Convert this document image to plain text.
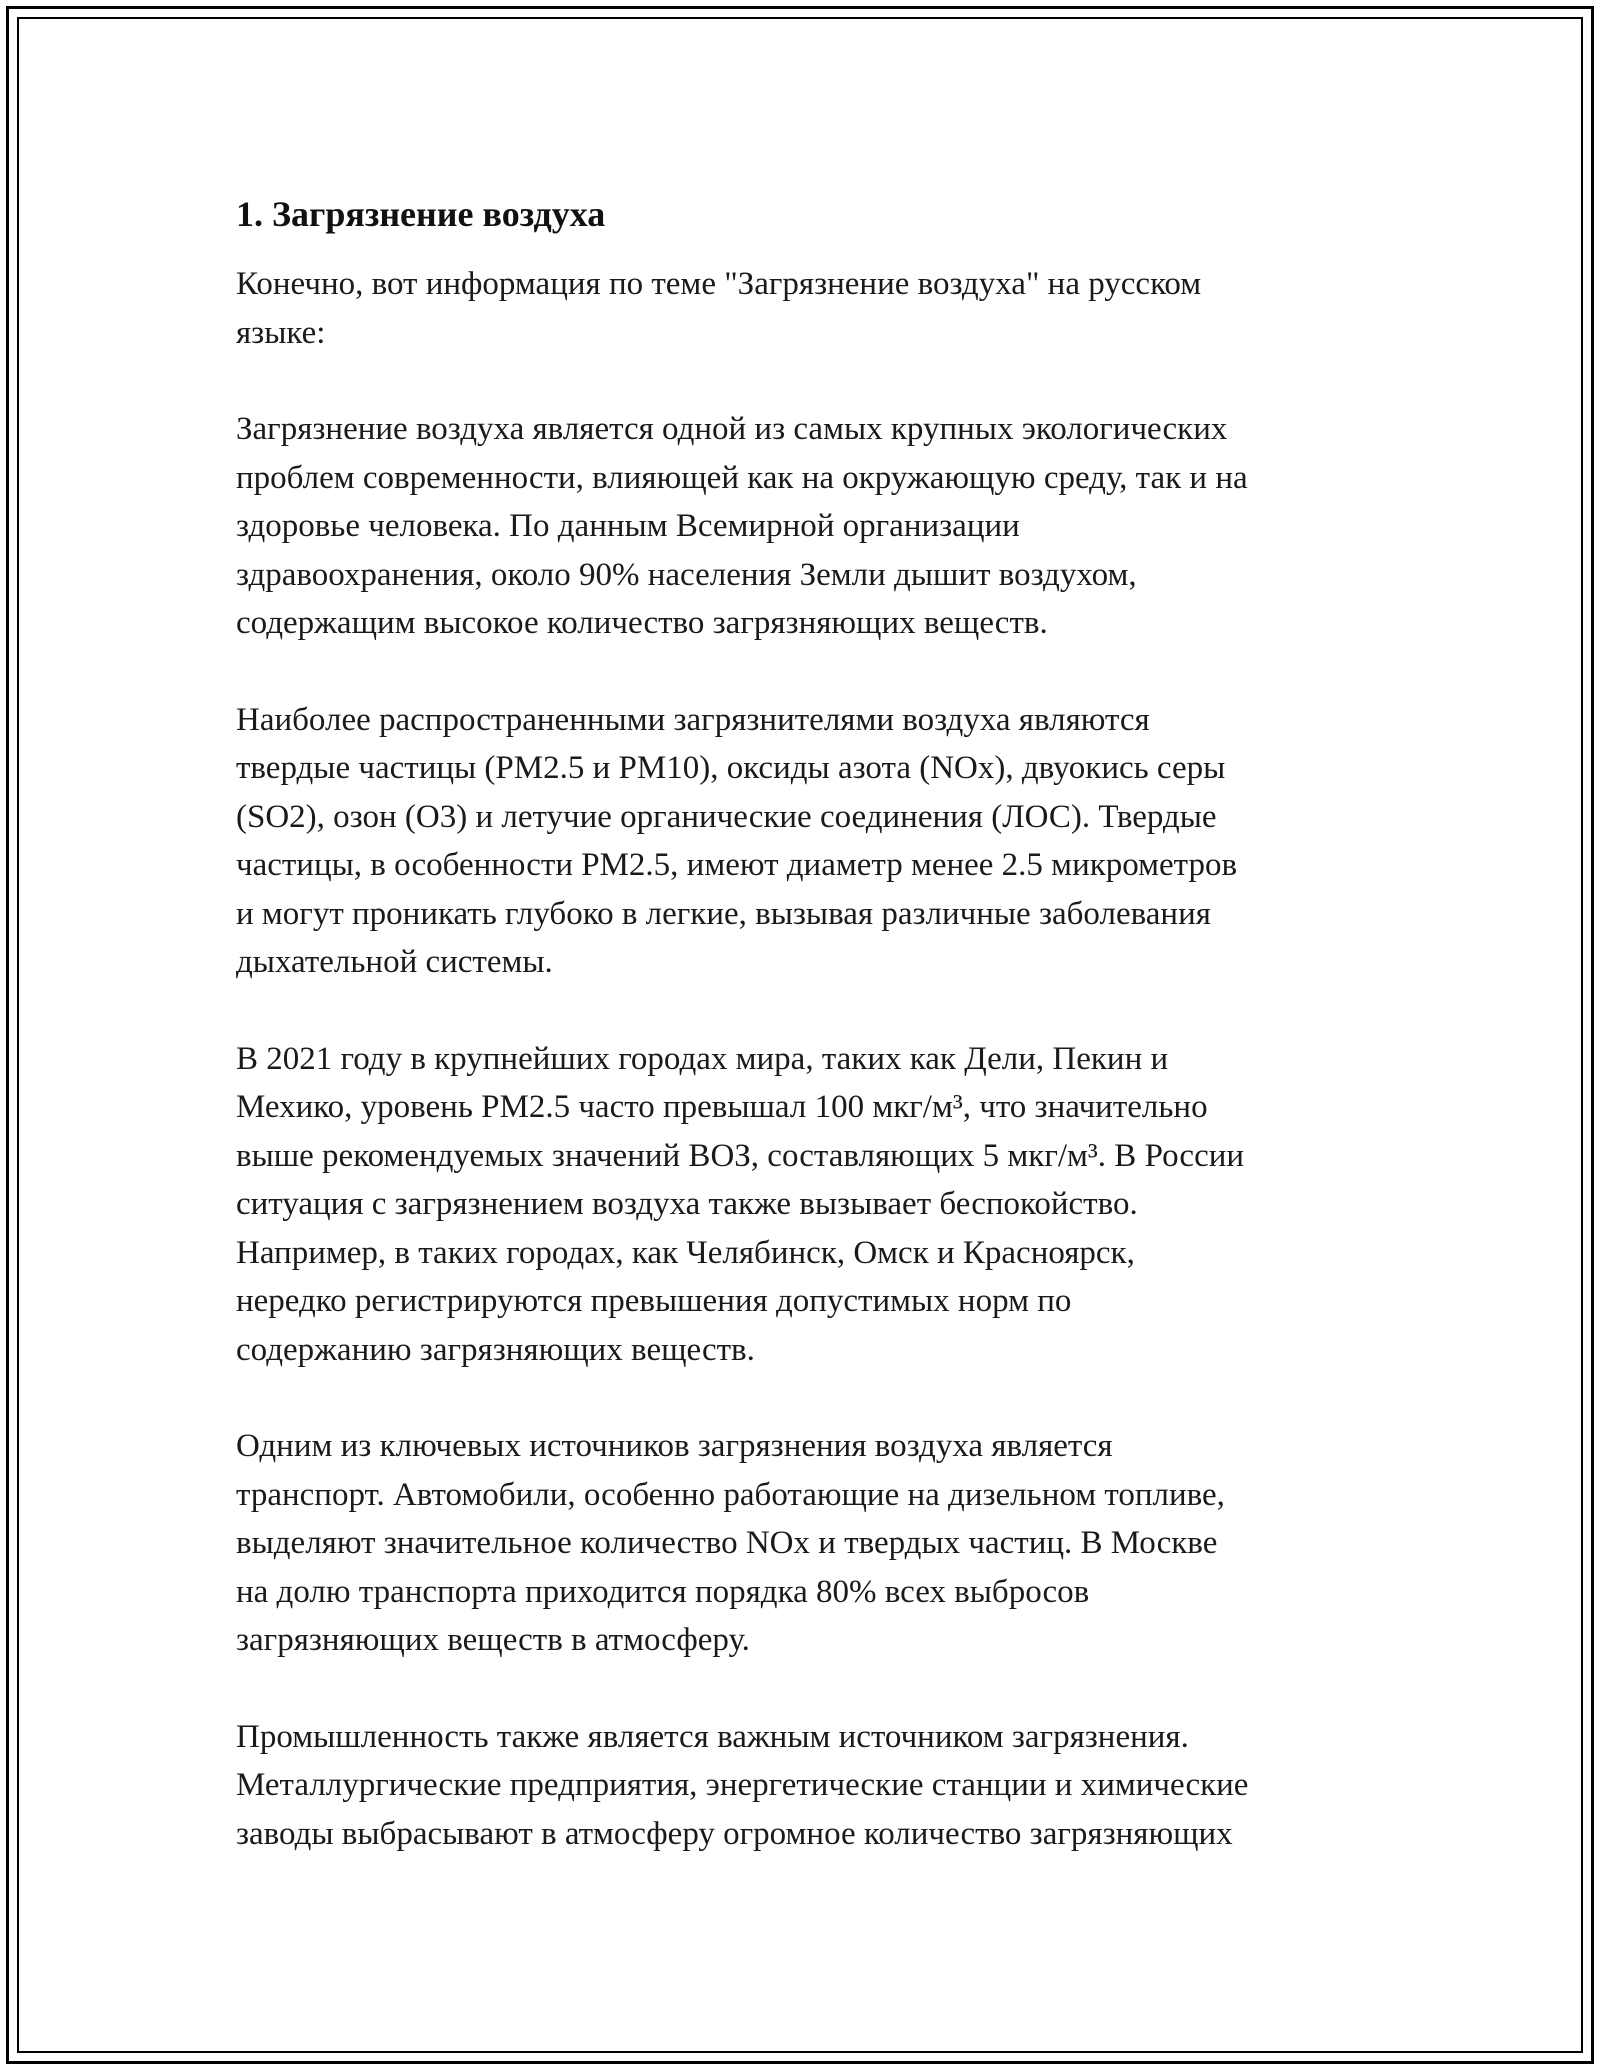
1. Загрязнение воздуха

Конечно, вот информация по теме "Загрязнение воздуха" на русском
языке:

Загрязнение воздуха является одной из самых крупных экологических
проблем современности, влияющей как на окружающую среду, так и на
здоровье человека. По данным Всемирной организации
здравоохранения, около 90% населения Земли дышит воздухом,
содержащим высокое количество загрязняющих веществ.

Наиболее распространенными загрязнителями воздуха являются
твердые частицы (PM2.5 и PM10), оксиды азота (NOx), двуокись серы
(SO2), озон (O3) и летучие органические соединения (ЛОС). Твердые
частицы, в особенности PM2.5, имеют диаметр менее 2.5 микрометров
и могут проникать глубоко в легкие, вызывая различные заболевания
дыхательной системы.

В 2021 году в крупнейших городах мира, таких как Дели, Пекин и
Мехико, уровень PM2.5 часто превышал 100 мкг/м³, что значительно
выше рекомендуемых значений ВОЗ, составляющих 5 мкг/м³. В России
ситуация с загрязнением воздуха также вызывает беспокойство.
Например, в таких городах, как Челябинск, Омск и Красноярск,
нередко регистрируются превышения допустимых норм по
содержанию загрязняющих веществ.

Одним из ключевых источников загрязнения воздуха является
транспорт. Автомобили, особенно работающие на дизельном топливе,
выделяют значительное количество NOx и твердых частиц. В Москве
на долю транспорта приходится порядка 80% всех выбросов
загрязняющих веществ в атмосферу.

Промышленность также является важным источником загрязнения.
Металлургические предприятия, энергетические станции и химические
заводы выбрасывают в атмосферу огромное количество загрязняющих
